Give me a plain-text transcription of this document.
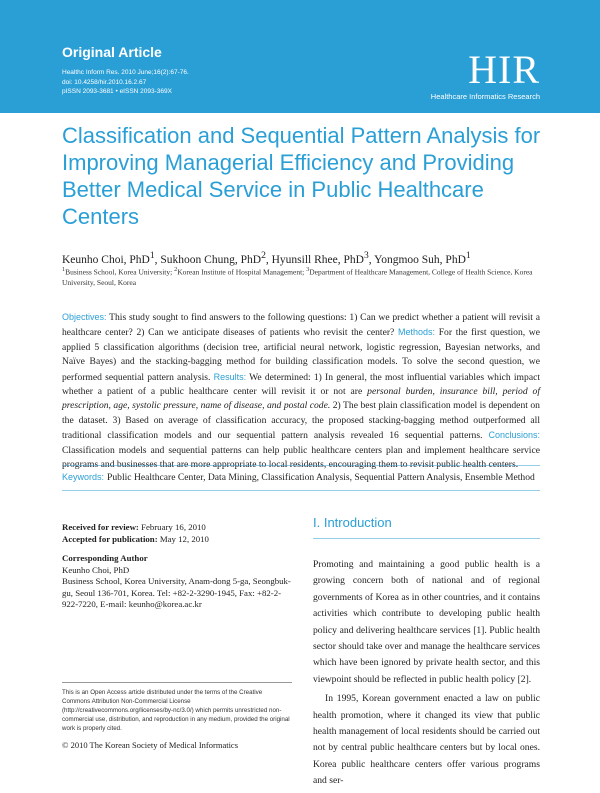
Original Article
Healthc Inform Res. 2010 June;16(2):67-76.
doi: 10.4258/hir.2010.16.2.67
pISSN 2093-3681 • eISSN 2093-369X	HIR
Healthcare Informatics Research
Classification and Sequential Pattern Analysis for Improving Managerial Efficiency and Providing Better Medical Service in Public Healthcare Centers
Keunho Choi, PhD$^1$, Sukhoon Chung, PhD$^2$, Hyunsill Rhee, PhD$^3$, Yongmoo Suh, PhD$^1$
$^1$Business School, Korea University; $^2$Korean Institute of Hospital Management; $^3$Department of Healthcare Management, College of Health Science, Korea University, Seoul, Korea
Objectives: This study sought to find answers to the following questions: 1) Can we predict whether a patient will revisit a healthcare center? 2) Can we anticipate diseases of patients who revisit the center? Methods: For the first question, we applied 5 classification algorithms (decision tree, artificial neural network, logistic regression, Bayesian networks, and Naïve Bayes) and the stacking-bagging method for building classification models. To solve the second question, we performed sequential pattern analysis. Results: We determined: 1) In general, the most influential variables which impact whether a patient of a public healthcare center will revisit it or not are personal burden, insurance bill, period of prescription, age, systolic pressure, name of disease, and postal code. 2) The best plain classification model is dependent on the dataset. 3) Based on average of classification accuracy, the proposed stacking-bagging method outperformed all traditional classification models and our sequential pattern analysis revealed 16 sequential patterns. Conclusions: Classification models and sequential patterns can help public healthcare centers plan and implement healthcare service
Keywords: Public Healthcare Center, Data Mining, Classification Analysis, Sequential Pattern Analysis, Ensemble Method
Received for review: February 16, 2010
Accepted for publication: May 12, 2010
Corresponding Author
Keunho Choi, PhD
Business School, Korea University, Anam-dong 5-ga, Seongbuk-gu, Seoul 136-701, Korea. Tel: +82-2-3290-1945, Fax: +82-2-922-7220, E-mail: keunho@korea.ac.kr
This is an Open Access article distributed under the terms of the Creative Commons Attribution Non-Commercial License (http://creativecommons.org/licenses/by-nc/3.0/) which permits unrestricted non-commercial use, distribution, and reproduction in any medium, provided the original work is properly cited.
© 2010 The Korean Society of Medical Informatics
I. Introduction

Promoting and maintaining a good public health is a growing concern both of national and of regional governments of Korea as in other countries, and it contains activities which contribute to developing public health policy and delivering healthcare services [1]. Public health sector should take over and manage the healthcare services which have been ignored by private health sector, and this viewpoint should be reflected in public health policy [2].

In 1995, Korean government enacted a law on public health promotion, where it changed its view that public health management of local residents should be carried out not by central public healthcare centers but by local ones. Korea public healthcare centers offer various programs and ser-
